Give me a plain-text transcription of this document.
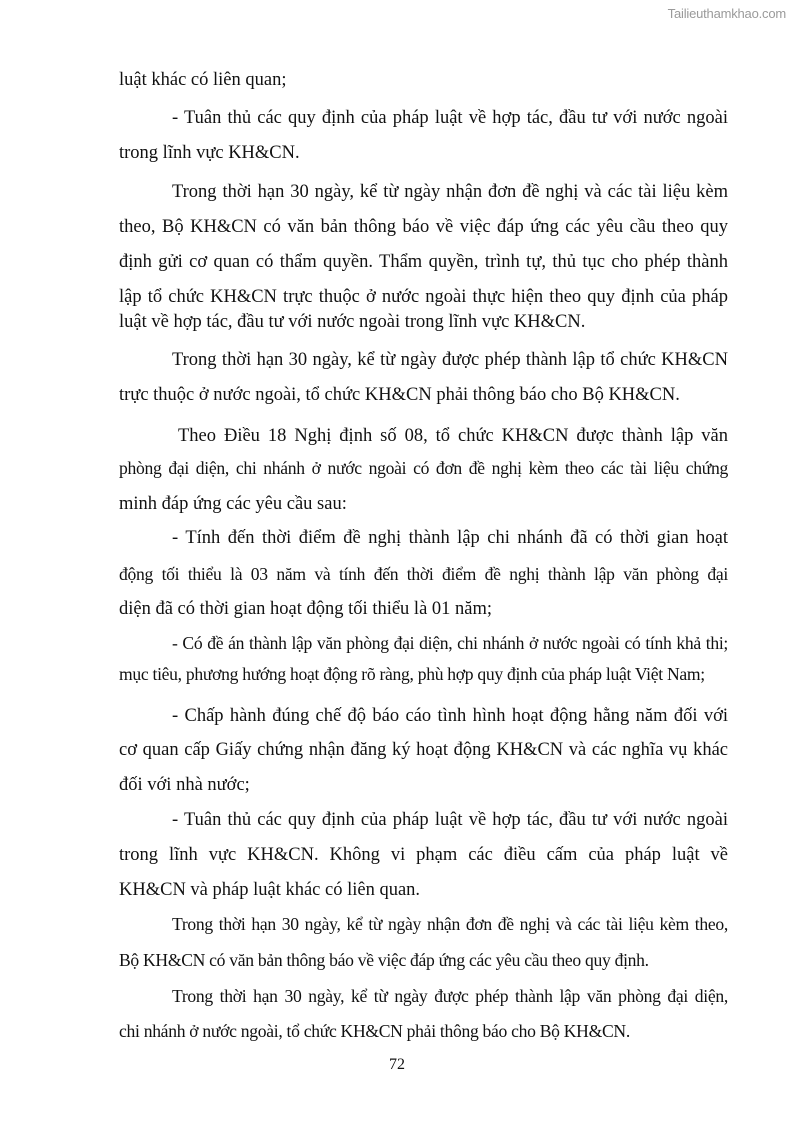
Tailieuthamkhao.com
luật khác có liên quan;
- Tuân thủ các quy định của pháp luật về hợp tác, đầu tư với nước ngoài
trong lĩnh vực KH&CN.
Trong thời hạn 30 ngày, kể từ ngày nhận đơn đề nghị và các tài liệu kèm
theo, Bộ KH&CN có văn bản thông báo về việc đáp ứng các yêu cầu theo quy
định gửi cơ quan có thẩm quyền. Thẩm quyền, trình tự, thủ tục cho phép thành
lập tổ chức KH&CN trực thuộc ở nước ngoài thực hiện theo quy định của pháp
luật về hợp tác, đầu tư với nước ngoài trong lĩnh vực KH&CN.
Trong thời hạn 30 ngày, kể từ ngày được phép thành lập tổ chức KH&CN
trực thuộc ở nước ngoài, tổ chức KH&CN phải thông báo cho Bộ KH&CN.
Theo Điều 18 Nghị định số 08, tổ chức KH&CN được thành lập văn
phòng đại diện, chi nhánh ở nước ngoài có đơn đề nghị kèm theo các tài liệu chứng
minh đáp ứng các yêu cầu sau:
- Tính đến thời điểm đề nghị thành lập chi nhánh đã có thời gian hoạt
động tối thiểu là 03 năm và tính đến thời điểm đề nghị thành lập văn phòng đại
diện đã có thời gian hoạt động tối thiểu là 01 năm;
- Có đề án thành lập văn phòng đại diện, chi nhánh ở nước ngoài có tính khả thi;
mục tiêu, phương hướng hoạt động rõ ràng, phù hợp quy định của pháp luật Việt Nam;
- Chấp hành đúng chế độ báo cáo tình hình hoạt động hằng năm đối với
cơ quan cấp Giấy chứng nhận đăng ký hoạt động KH&CN và các nghĩa vụ khác
đối với nhà nước;
- Tuân thủ các quy định của pháp luật về hợp tác, đầu tư với nước ngoài
trong lĩnh vực KH&CN. Không vi phạm các điều cấm của pháp luật về
KH&CN và pháp luật khác có liên quan.
Trong thời hạn 30 ngày, kể từ ngày nhận đơn đề nghị và các tài liệu kèm theo,
Bộ KH&CN có văn bản thông báo về việc đáp ứng các yêu cầu theo quy định.
Trong thời hạn 30 ngày, kể từ ngày được phép thành lập văn phòng đại diện,
chi nhánh ở nước ngoài, tổ chức KH&CN phải thông báo cho Bộ KH&CN.
72
